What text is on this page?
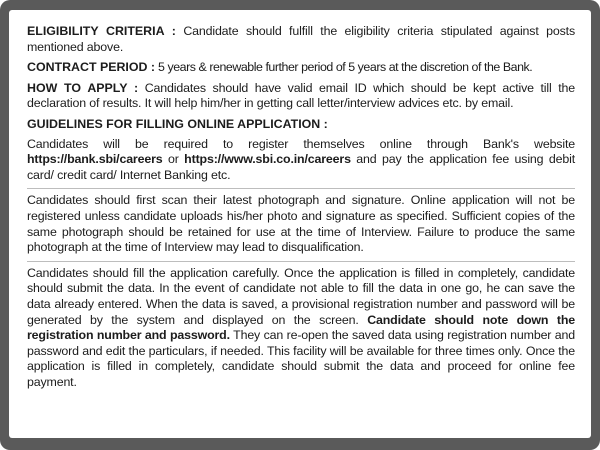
ELIGIBILITY CRITERIA : Candidate should fulfill the eligibility criteria stipulated against posts mentioned above.

CONTRACT PERIOD : 5 years & renewable further period of 5 years at the discretion of the Bank.

HOW TO APPLY : Candidates should have valid email ID which should be kept active till the declaration of results. It will help him/her in getting call letter/interview advices etc. by email.

GUIDELINES FOR FILLING ONLINE APPLICATION :

Candidates will be required to register themselves online through Bank's website https://bank.sbi/careers or https://www.sbi.co.in/careers and pay the application fee using debit card/ credit card/ Internet Banking etc.

Candidates should first scan their latest photograph and signature. Online application will not be registered unless candidate uploads his/her photo and signature as specified. Sufficient copies of the same photograph should be retained for use at the time of Interview. Failure to produce the same photograph at the time of Interview may lead to disqualification.

Candidates should fill the application carefully. Once the application is filled in completely, candidate should submit the data. In the event of candidate not able to fill the data in one go, he can save the data already entered. When the data is saved, a provisional registration number and password will be generated by the system and displayed on the screen. Candidate should note down the registration number and password. They can re-open the saved data using registration number and password and edit the particulars, if needed. This facility will be available for three times only. Once the application is filled in completely, candidate should submit the data and proceed for online fee payment.
